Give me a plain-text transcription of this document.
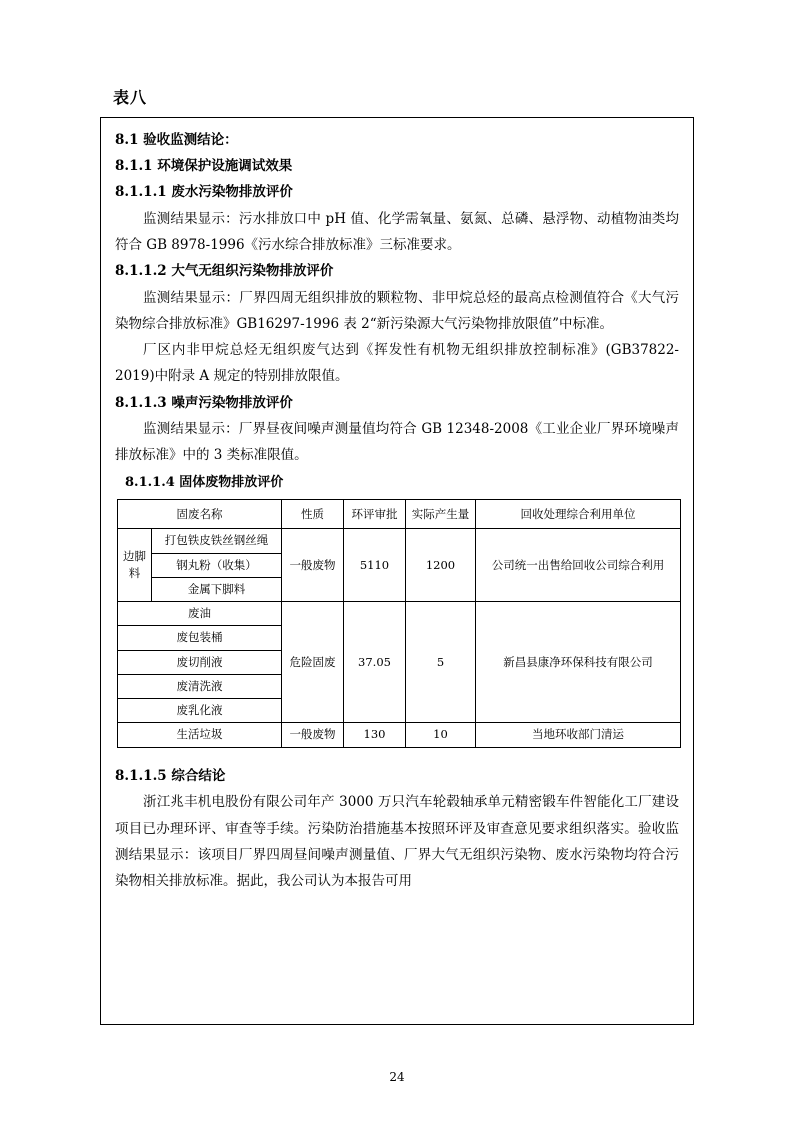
表八

8.1 验收监测结论：

8.1.1 环境保护设施调试效果

8.1.1.1 废水污染物排放评价

监测结果显示：污水排放口中 pH 值、化学需氧量、氨氮、总磷、悬浮物、动植物油类均符合 GB 8978-1996《污水综合排放标准》三标准要求。

8.1.1.2 大气无组织污染物排放评价

监测结果显示：厂界四周无组织排放的颗粒物、非甲烷总烃的最高点检测值符合《大气污染物综合排放标准》GB16297-1996 表 2“新污染源大气污染物排放限值”中标准。

厂区内非甲烷总烃无组织废气达到《挥发性有机物无组织排放控制标准》(GB37822-2019)中附录 A 规定的特别排放限值。

8.1.1.3 噪声污染物排放评价

监测结果显示：厂界昼夜间噪声测量值均符合 GB 12348-2008《工业企业厂界环境噪声排放标准》中的 3 类标准限值。

8.1.1.4 固体废物排放评价

固废名称		性质	环评审批	实际产生量	回收处理综合利用单位
边脚料	打包铁皮铁丝钢丝绳	一般废物	5110	1200	公司统一出售给回收公司综合利用
	钢丸粉（收集）				
	金属下脚料				
废油		危险固废	37.05	5	新昌县康净环保科技有限公司
废包装桶					
废切削液					
废清洗液					
废乳化液					
生活垃圾		一般废物	130	10	当地环收部门清运

8.1.1.5 综合结论

浙江兆丰机电股份有限公司年产 3000 万只汽车轮毂轴承单元精密锻车件智能化工厂建设项目已办理环评、审查等手续。污染防治措施基本按照环评及审查意见要求组织落实。验收监测结果显示：该项目厂界四周昼间噪声测量值、厂界大气无组织污染物、废水污染物均符合污染物相关排放标准。据此，我公司认为本报告可用

24
